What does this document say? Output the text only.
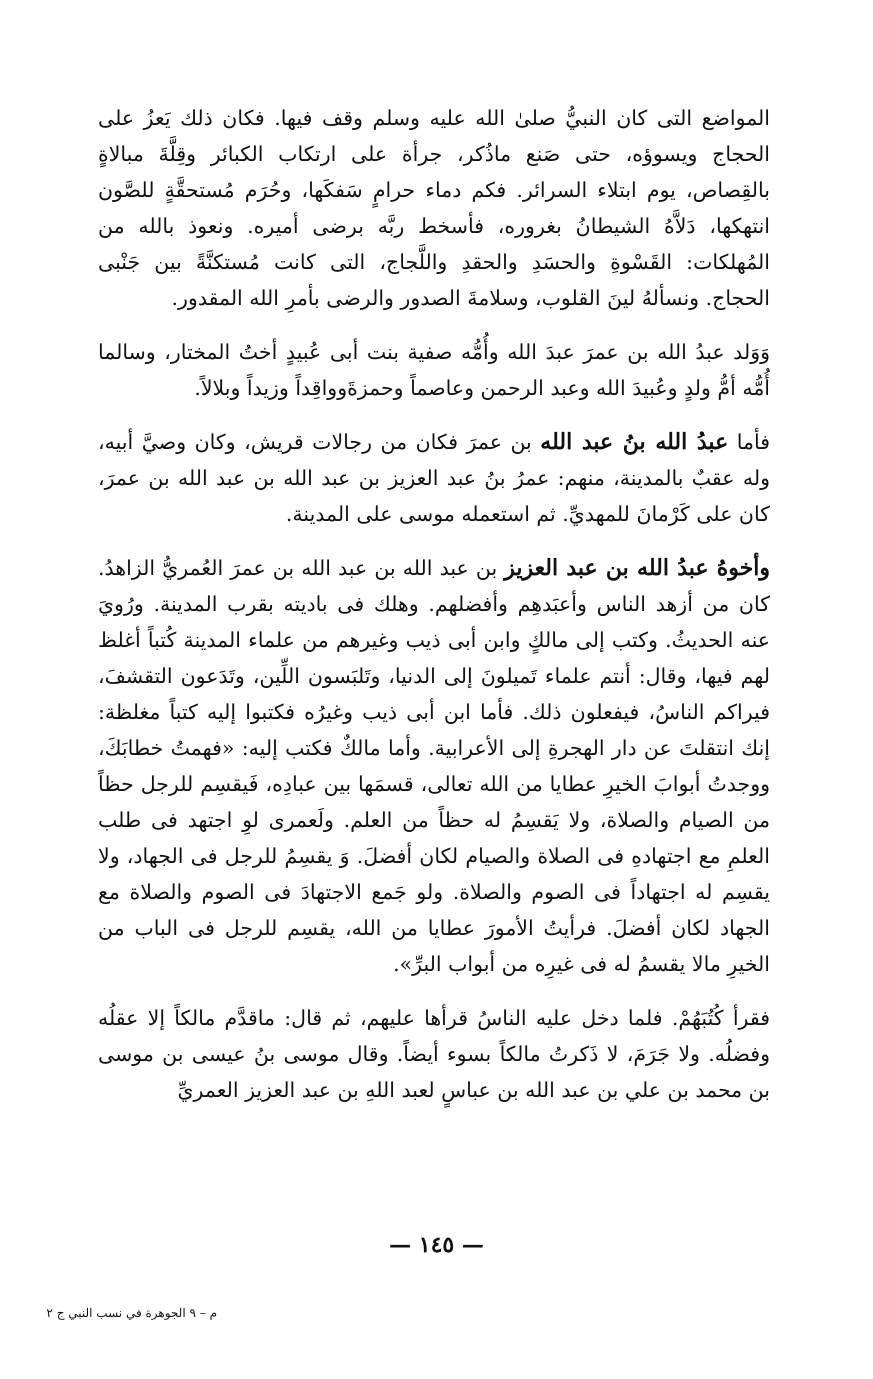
المواضع التى كان النبيُّ صلىٰ الله عليه وسلم وقف فيها. فكان ذلك يَعزُ على الحجاج ويسوؤه، حتى صَنع ماذُكر، جرأة على ارتكاب الكبائر وقِلَّةَ مبالاةٍ بالقِصاص، يوم ابتلاء السرائر. فكم دماء حرامٍ سَفكَها، وحُرَم مُستحقَّةٍ للصَّون انتهكها، دَلاَّهُ الشيطانُ بغروره، فأسخط ربَّه برضى أميره. ونعوذ بالله من المُهلكات: القَسْوةِ والحسَدِ والحقدِ واللَّجاج، التى كانت مُستكنَّةً بين جَنْبى الحجاج. ونسألهُ لينَ القلوب، وسلامةَ الصدور والرضى بأمرِ الله المقدور.

وَوَلد عبدُ الله بن عمرَ عبدَ الله وأُمُّه صفية بنت أبى عُبيدٍ أختُ المختار، وسالما أُمُّه أمُّ ولدٍ وعُبيدَ الله وعبد الرحمن وعاصماً وحمزةَوواقِداً وزيداً وبلالاً.

فأما عبدُ الله بنُ عبد الله بن عمرَ فكان من رجالات قريش، وكان وصيَّ أبيه، وله عقبٌ بالمدينة، منهم: عمرُ بنُ عبد العزيز بن عبد الله بن عبد الله بن عمرَ، كان على كَرْمانَ للمهديِّ. ثم استعمله موسى على المدينة.

وأخوهُ عبدُ الله بن عبد العزيز بن عبد الله بن عبد الله بن عمرَ العُمريُّ الزاهدُ. كان من أزهد الناس وأعبَدهِم وأفضلهم. وهلك فى باديته بقرب المدينة. ورُويَ عنه الحديثُ. وكتب إلى مالكٍ وابن أبى ذيب وغيرهم من علماء المدينة كُتباً أغلظ لهم فيها، وقال: أنتم علماء تَميلونَ إلى الدنيا، وتَلبَسون اللِّين، وتَدَعون التقشفَ، فيراكم الناسُ، فيفعلون ذلك. فأما ابن أبى ذيب وغيرُه فكتبوا إليه كتباً مغلظة: إنك انتقلتَ عن دار الهجرةِ إلى الأعرابية. وأما مالكٌ فكتب إليه: «فهمتُ خطابَكَ، ووجدتُ أبوابَ الخيرِ عطايا من الله تعالى، قسمَها بين عبادِه، فَيقسِم للرجل حظاً من الصيام والصلاة، ولا يَقسِمُ له حظاً من العلم. ولَعمرى لوِ اجتهد فى طلب العلمِ مع اجتهادهِ فى الصلاة والصيام لكان أفضلَ. وَ يقسِمُ للرجل فى الجهاد، ولا يقسِم له اجتهاداً فى الصوم والصلاة. ولو جَمع الاجتهادَ فى الصوم والصلاة مع الجهاد لكان أفضلَ. فرأيتُ الأمورَ عطايا من الله، يقسِم للرجل فى الباب من الخيرِ مالا يقسمُ له فى غيرِه من أبواب البرِّ».

فقرأ كُتُبَهُمْ. فلما دخل عليه الناسُ قرأها عليهم، ثم قال: ماقدَّم مالكاً إلا عقلُه وفضلُه. ولا جَرَمَ، لا ذَكرتُ مالكاً بسوء أيضاً. وقال موسى بنُ عيسى بن موسى بن محمد بن علي بن عبد الله بن عباسٍ لعبد اللهِ بن عبد العزيز العمريِّ

— ١٤٥ —
م – ٩ الجوهرة في نسب النبي ج ٢
